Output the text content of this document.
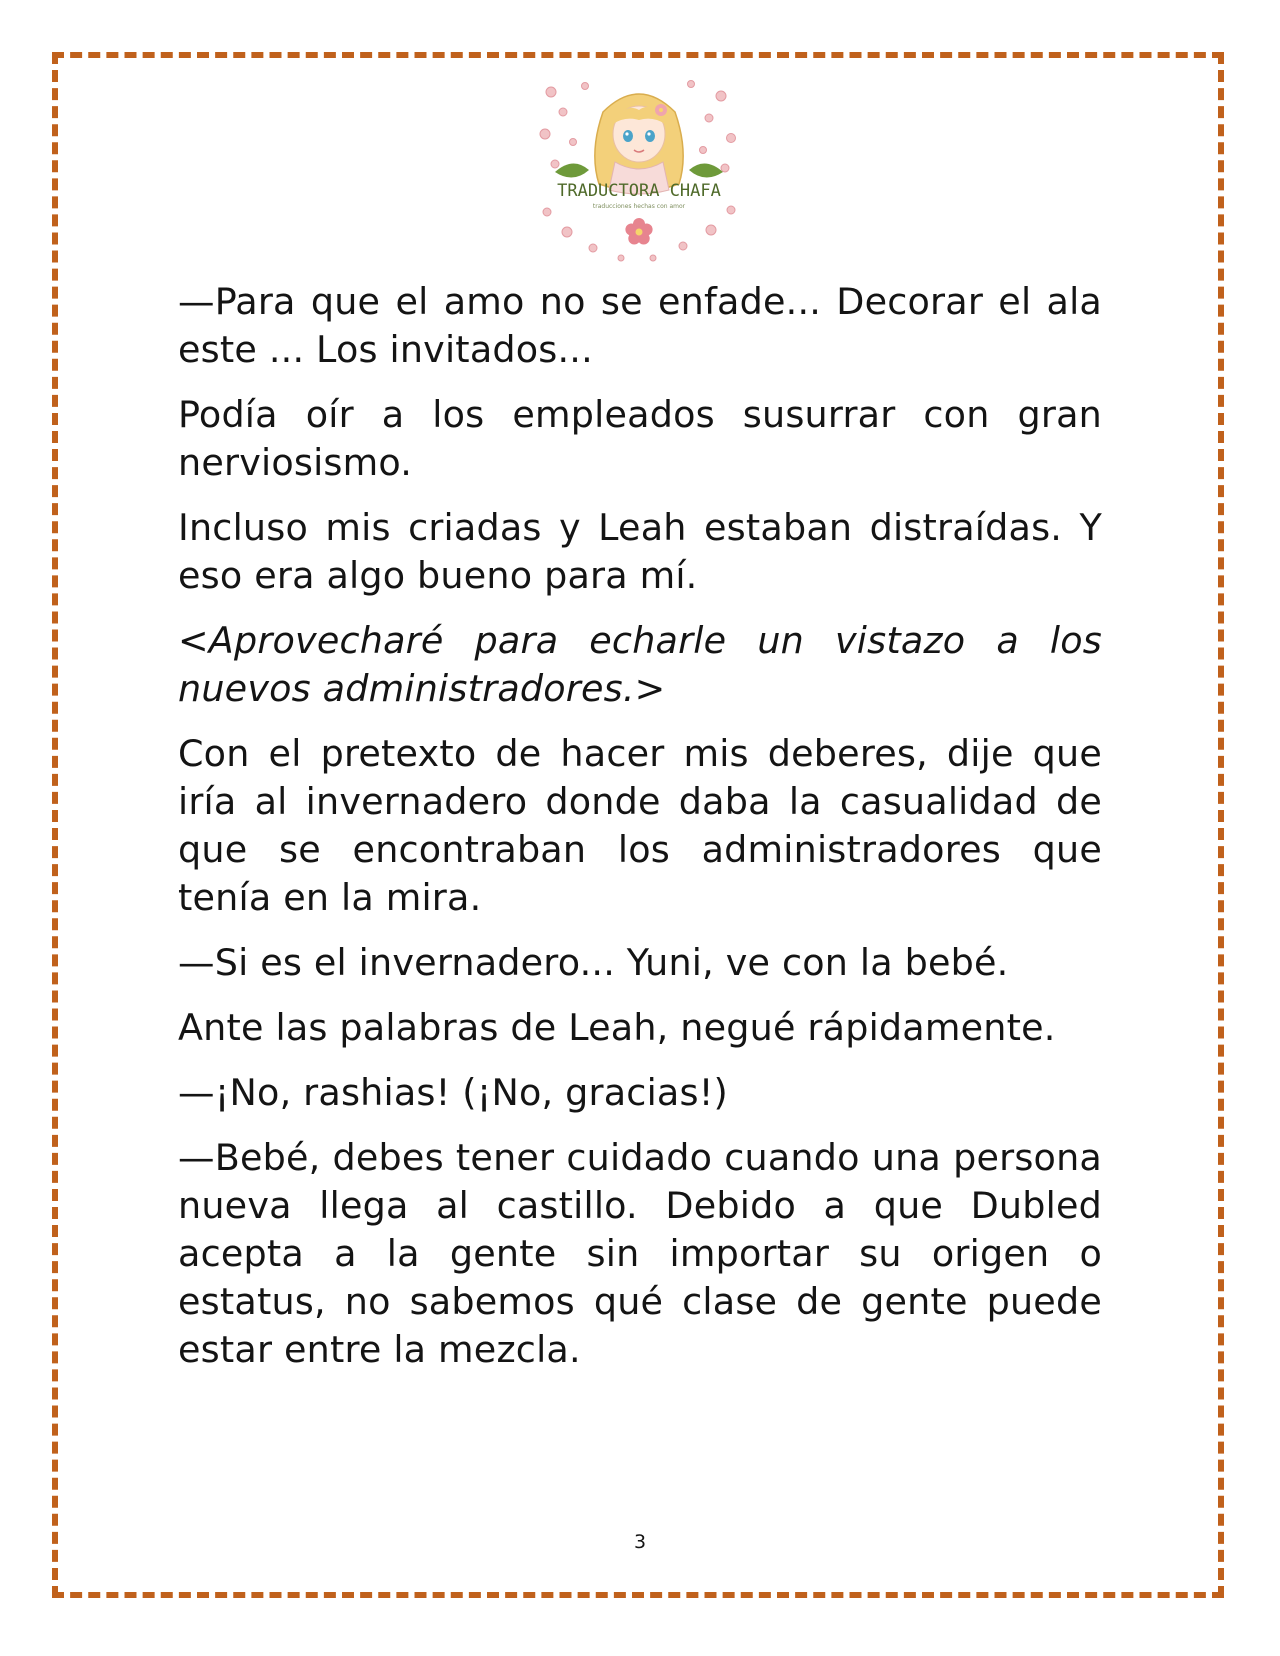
TRADUCTORA CHAFA
traducciones hechas con amor

—Para que el amo no se enfade... Decorar el ala este ... Los invitados...

Podía oír a los empleados susurrar con gran nerviosismo.

Incluso mis criadas y Leah estaban distraídas. Y eso era algo bueno para mí.

<Aprovecharé para echarle un vistazo a los nuevos administradores.>

Con el pretexto de hacer mis deberes, dije que iría al invernadero donde daba la casualidad de que se encontraban los administradores que tenía en la mira.

—Si es el invernadero... Yuni, ve con la bebé.

Ante las palabras de Leah, negué rápidamente.

—¡No, rashias! (¡No, gracias!)

—Bebé, debes tener cuidado cuando una persona nueva llega al castillo. Debido a que Dubled acepta a la gente sin importar su origen o estatus, no sabemos qué clase de gente puede estar entre la mezcla.

3
